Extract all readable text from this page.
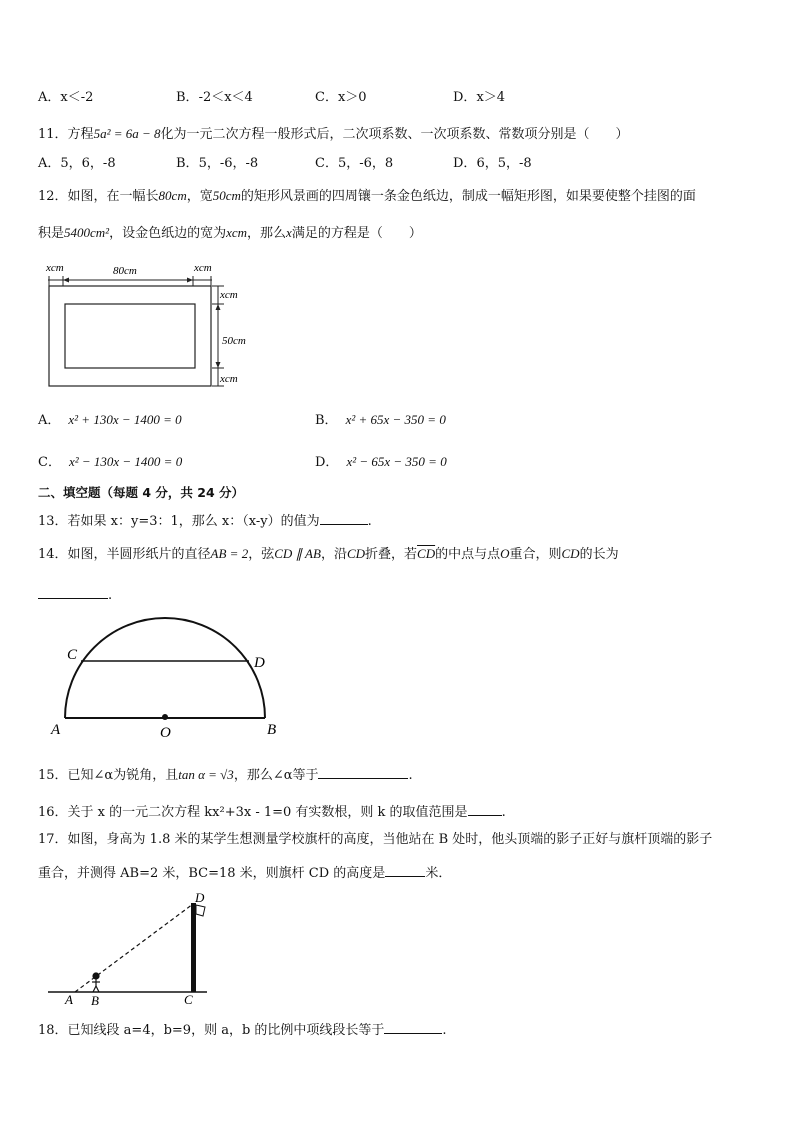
A．x＜-2	B．-2＜x＜4	C．x＞0	D．x＞4
11．方程5a² = 6a − 8化为一元二次方程一般形式后，二次项系数、一次项系数、常数项分别是（　　）
A．5，6，-8	B．5，-6，-8	C．5，-6，8	D．6，5，-8
12．如图，在一幅长80cm，宽50cm的矩形风景画的四周镶一条金色纸边，制成一幅矩形图，如果要使整个挂图的面
积是5400cm²，设金色纸边的宽为xcm，那么x满足的方程是（　　）
xcm	80cm	xcm
xcm
50cm
xcm
A． x² + 130x − 1400 = 0	B． x² + 65x − 350 = 0
C． x² − 130x − 1400 = 0	D． x² − 65x − 350 = 0
二、填空题（每题 4 分，共 24 分）
13．若如果 x：y=3：1，那么 x：（x-y）的值为	.
14．如图，半圆形纸片的直径AB = 2，弦CD ∥ AB，沿CD折叠，若$\overline{CD}$的中点与点O重合，则CD的长为
.
A	B
C	D
O
15．已知∠α为锐角，且tan α = √3，那么∠α等于	.
16．关于 x 的一元二次方程 kx²+3x - 1=0 有实数根，则 k 的取值范围是	.
17．如图，身高为 1.8 米的某学生想测量学校旗杆的高度，当他站在 B 处时，他头顶端的影子正好与旗杆顶端的影子
重合，并测得 AB=2 米，BC=18 米，则旗杆 CD 的高度是	米．
A B	C
D
18．已知线段 a=4，b=9，则 a，b 的比例中项线段长等于	.
